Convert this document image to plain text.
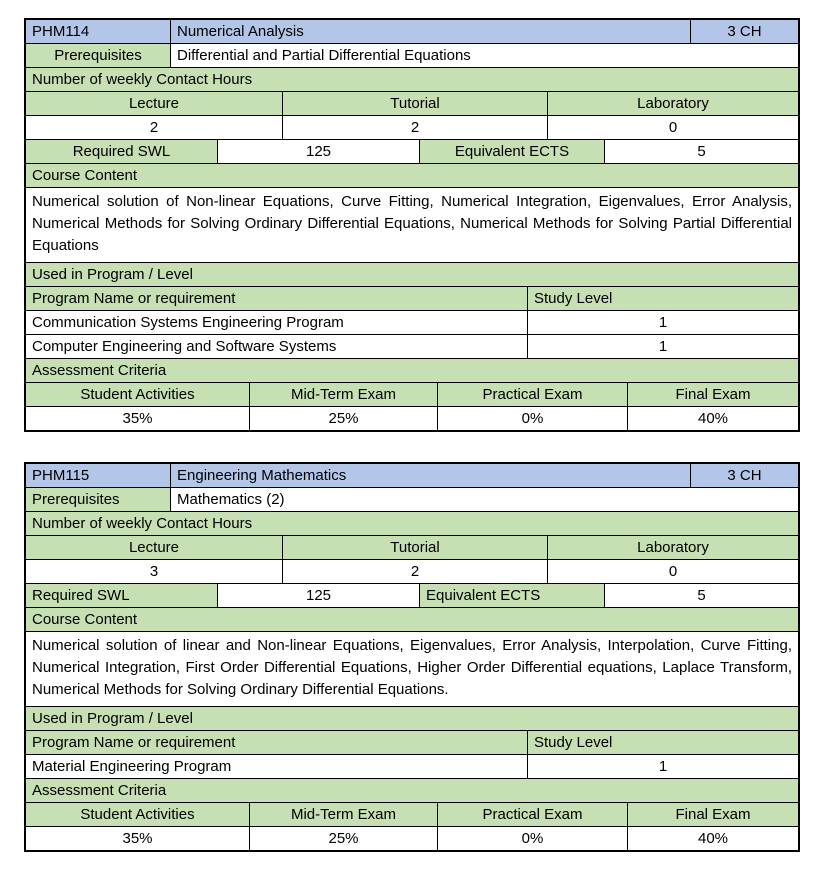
PHM114	Numerical Analysis	3 CH
Prerequisites	Differential and Partial Differential Equations
Number of weekly Contact Hours
Lecture	Tutorial	Laboratory
2	2	0
Required SWL	125	Equivalent ECTS	5
Course Content
Numerical solution of Non-linear Equations, Curve Fitting, Numerical Integration, Eigenvalues, Error Analysis, Numerical Methods for Solving Ordinary Differential Equations, Numerical Methods for Solving Partial Differential Equations
Used in Program / Level
Program Name or requirement	Study Level
Communication Systems Engineering Program	1
Computer Engineering and Software Systems	1
Assessment Criteria
Student Activities	Mid-Term Exam	Practical Exam	Final Exam
35%	25%	0%	40%
PHM115	Engineering Mathematics	3 CH
Prerequisites	Mathematics (2)
Number of weekly Contact Hours
Lecture	Tutorial	Laboratory
3	2	0
Required SWL	125	Equivalent ECTS	5
Course Content
Numerical solution of linear and Non-linear Equations, Eigenvalues, Error Analysis, Interpolation, Curve Fitting, Numerical Integration, First Order Differential Equations, Higher Order Differential equations, Laplace Transform, Numerical Methods for Solving Ordinary Differential Equations.
Used in Program / Level
Program Name or requirement	Study Level
Material Engineering Program	1
Assessment Criteria
Student Activities	Mid-Term Exam	Practical Exam	Final Exam
35%	25%	0%	40%
